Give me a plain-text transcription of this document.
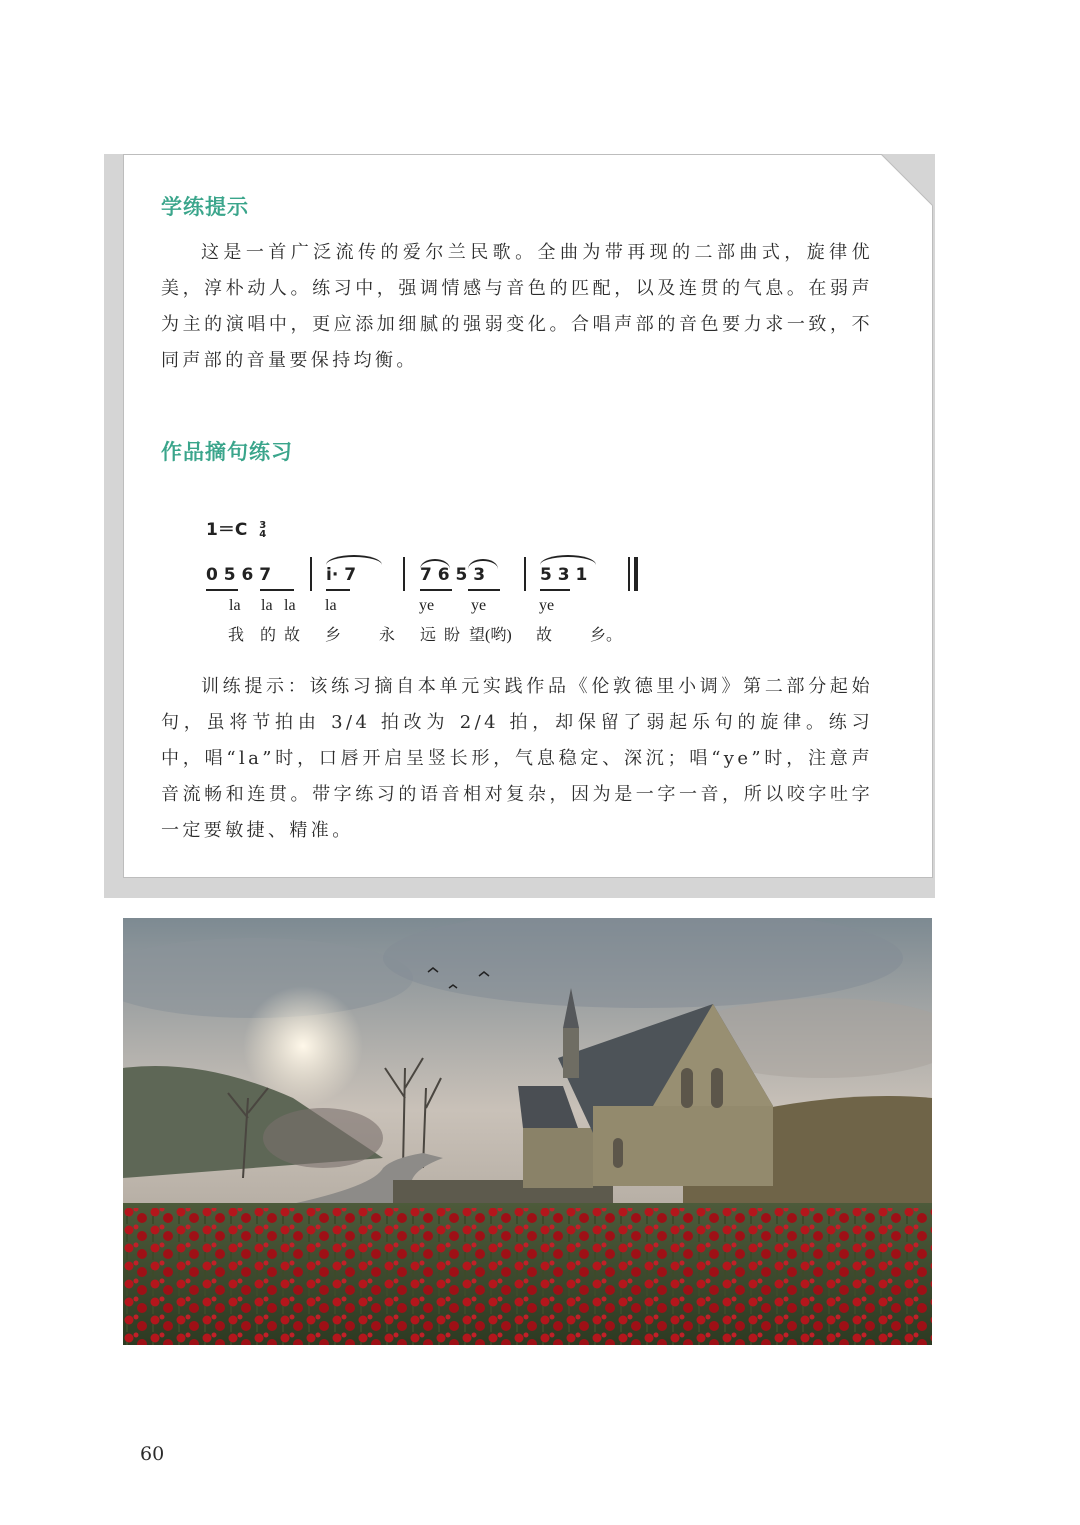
学练提示
这是一首广泛流传的爱尔兰民歌。全曲为带再现的二部曲式，旋律优美，淳朴动人。练习中，强调情感与音色的匹配，以及连贯的气息。在弱声为主的演唱中，更应添加细腻的强弱变化。合唱声部的音色要力求一致，不同声部的音量要保持均衡。
作品摘句练习
1＝C 3
4
0 5 6 7	i· 7	7 6 5 3	5 3 1
la la la la	ye ye	ye
我 的 故 乡 永 远 盼 望(哟) 故 乡。
训练提示：该练习摘自本单元实践作品《伦敦德里小调》第二部分起始句，虽将节拍由 3/4 拍改为 2/4 拍，却保留了弱起乐句的旋律。练习中，唱“la”时，口唇开启呈竖长形，气息稳定、深沉；唱“ye”时，注意声音流畅和连贯。带字练习的语音相对复杂，因为是一字一音，所以咬字吐字一定要敏捷、精准。
60
